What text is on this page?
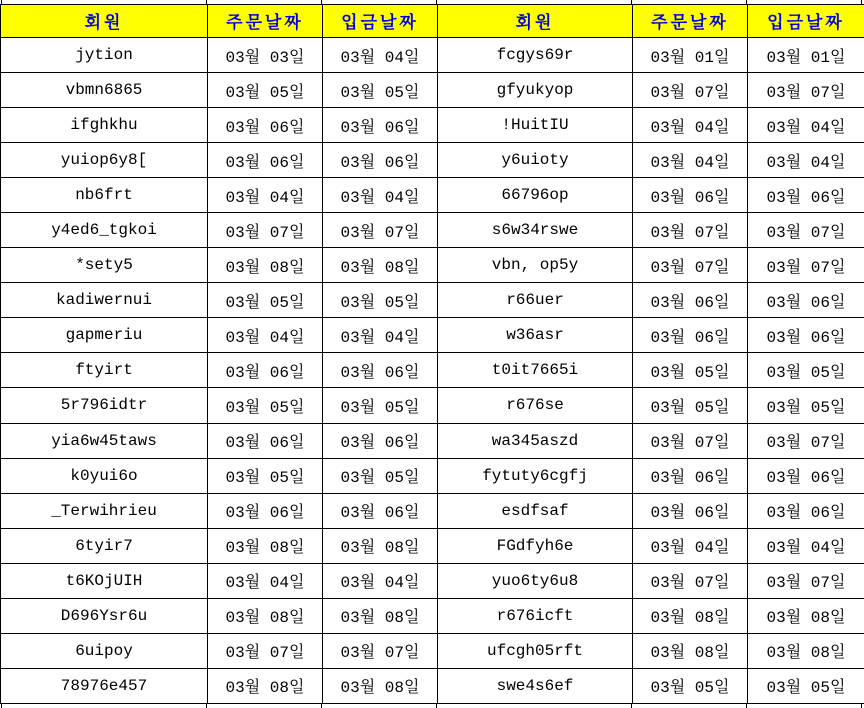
회원	주문날짜	입금날짜	회원	주문날짜	입금날짜
jytion	03월 03일	03월 04일	fcgys69r	03월 01일	03월 01일
vbmn6865	03월 05일	03월 05일	gfyukyop	03월 07일	03월 07일
ifghkhu	03월 06일	03월 06일	!HuitIU	03월 04일	03월 04일
yuiop6y8[	03월 06일	03월 06일	y6uioty	03월 04일	03월 04일
nb6frt	03월 04일	03월 04일	66796op	03월 06일	03월 06일
y4ed6_tgkoi	03월 07일	03월 07일	s6w34rswe	03월 07일	03월 07일
*sety5	03월 08일	03월 08일	vbn, op5y	03월 07일	03월 07일
kadiwernui	03월 05일	03월 05일	r66uer	03월 06일	03월 06일
gapmeriu	03월 04일	03월 04일	w36asr	03월 06일	03월 06일
ftyirt	03월 06일	03월 06일	t0it7665i	03월 05일	03월 05일
5r796idtr	03월 05일	03월 05일	r676se	03월 05일	03월 05일
yia6w45taws	03월 06일	03월 06일	wa345aszd	03월 07일	03월 07일
k0yui6o	03월 05일	03월 05일	fytuty6cgfj	03월 06일	03월 06일
_Terwihrieu	03월 06일	03월 06일	esdfsaf	03월 06일	03월 06일
6tyir7	03월 08일	03월 08일	FGdfyh6e	03월 04일	03월 04일
t6KOjUIH	03월 04일	03월 04일	yuo6ty6u8	03월 07일	03월 07일
D696Ysr6u	03월 08일	03월 08일	r676icft	03월 08일	03월 08일
6uipoy	03월 07일	03월 07일	ufcgh05rft	03월 08일	03월 08일
78976e457	03월 08일	03월 08일	swe4s6ef	03월 05일	03월 05일
